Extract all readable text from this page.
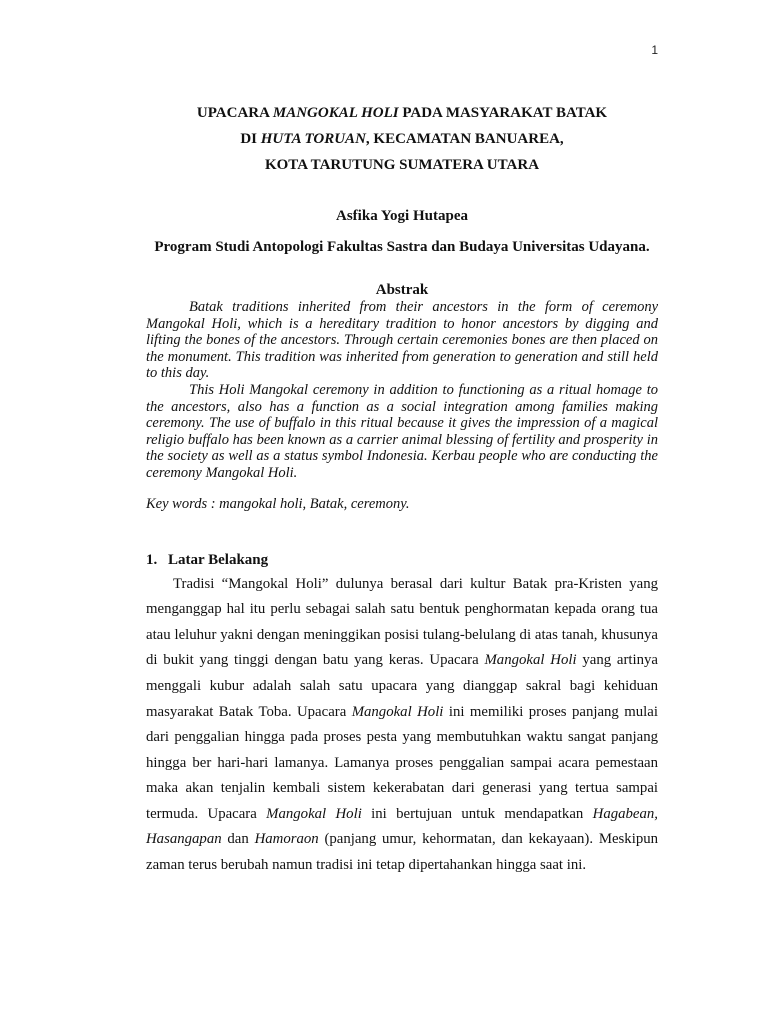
1
UPACARA MANGOKAL HOLI PADA MASYARAKAT BATAK
DI HUTA TORUAN, KECAMATAN BANUAREA,
KOTA TARUTUNG SUMATERA UTARA

Asfika Yogi Hutapea

Program Studi Antopologi Fakultas Sastra dan Budaya Universitas Udayana.

Abstrak

Batak traditions inherited from their ancestors in the form of ceremony Mangokal Holi, which is a hereditary tradition to honor ancestors by digging and lifting the bones of the ancestors. Through certain ceremonies bones are then placed on the monument. This tradition was inherited from generation to generation and still held to this day.

This Holi Mangokal ceremony in addition to functioning as a ritual homage to the ancestors, also has a function as a social integration among families making ceremony. The use of buffalo in this ritual because it gives the impression of a magical religio buffalo has been known as a carrier animal blessing of fertility and prosperity in the society as well as a status symbol Indonesia. Kerbau people who are conducting the ceremony Mangokal Holi.

Key words : mangokal holi, Batak, ceremony.

1. Latar Belakang

Tradisi “Mangokal Holi” dulunya berasal dari kultur Batak pra-Kristen yang menganggap hal itu perlu sebagai salah satu bentuk penghormatan kepada orang tua atau leluhur yakni dengan meninggikan posisi tulang-belulang di atas tanah, khusunya di bukit yang tinggi dengan batu yang keras. Upacara Mangokal Holi yang artinya menggali kubur adalah salah satu upacara yang dianggap sakral bagi kehiduan masyarakat Batak Toba. Upacara Mangokal Holi ini memiliki proses panjang mulai dari penggalian hingga pada proses pesta yang membutuhkan waktu sangat panjang hingga ber hari-hari lamanya. Lamanya proses penggalian sampai acara pemestaan maka akan tenjalin kembali sistem kekerabatan dari generasi yang tertua sampai termuda. Upacara Mangokal Holi ini bertujuan untuk mendapatkan Hagabean, Hasangapan dan Hamoraon (panjang umur, kehormatan, dan kekayaan). Meskipun zaman terus berubah namun tradisi ini tetap dipertahankan hingga saat ini.
